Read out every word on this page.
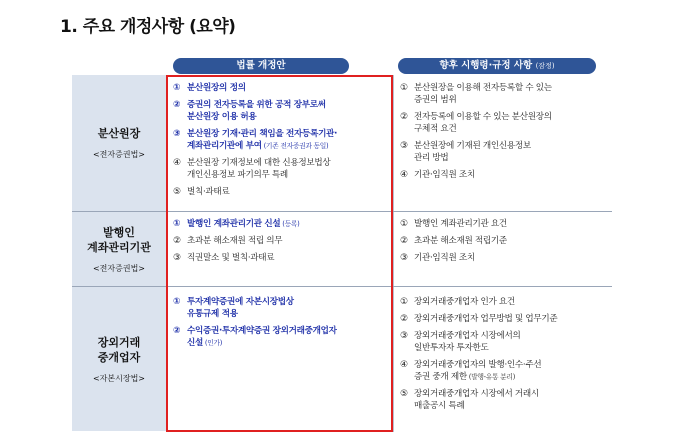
1. 주요 개정사항 (요약)
법률 개정안	향후 시행령·규정 사항 (잠정)
분산원장
<전자증권법>
① 분산원장의 정의
② 증권의 전자등록을 위한 공적 장부로써
분산원장 이용 허용
③ 분산원장 기재·관리 책임을 전자등록기관·
계좌관리기관에 부여 (기존 전자증권과 동일)
④ 분산원장 기재정보에 대한 신용정보법상
개인신용정보 파기의무 특례
⑤ 벌칙·과태료
① 분산원장을 이용해 전자등록할 수 있는
증권의 범위
② 전자등록에 이용할 수 있는 분산원장의
구체적 요건
③ 분산원장에 기재된 개인신용정보
관리 방법
④ 기관·임직원 조치
발행인
계좌관리기관
<전자증권법>
① 발행인 계좌관리기관 신설 (등록)
② 초과분 해소재원 적립 의무
③ 직권말소 및 벌칙·과태료
① 발행인 계좌관리기관 요건
② 초과분 해소재원 적립기준
③ 기관·임직원 조치
장외거래
중개업자
<자본시장법>
① 투자계약증권에 자본시장법상
유통규제 적용
② 수익증권·투자계약증권 장외거래중개업자
신설 (인가)
① 장외거래중개업자 인가 요건
② 장외거래중개업자 업무방법 및 업무기준
③ 장외거래중개업자 시장에서의
일반투자자 투자한도
④ 장외거래중개업자의 발행·인수·주선
증권 중개 제한 (발행-유통 분리)
⑤ 장외거래중개업자 시장에서 거래시
매출공시 특례
